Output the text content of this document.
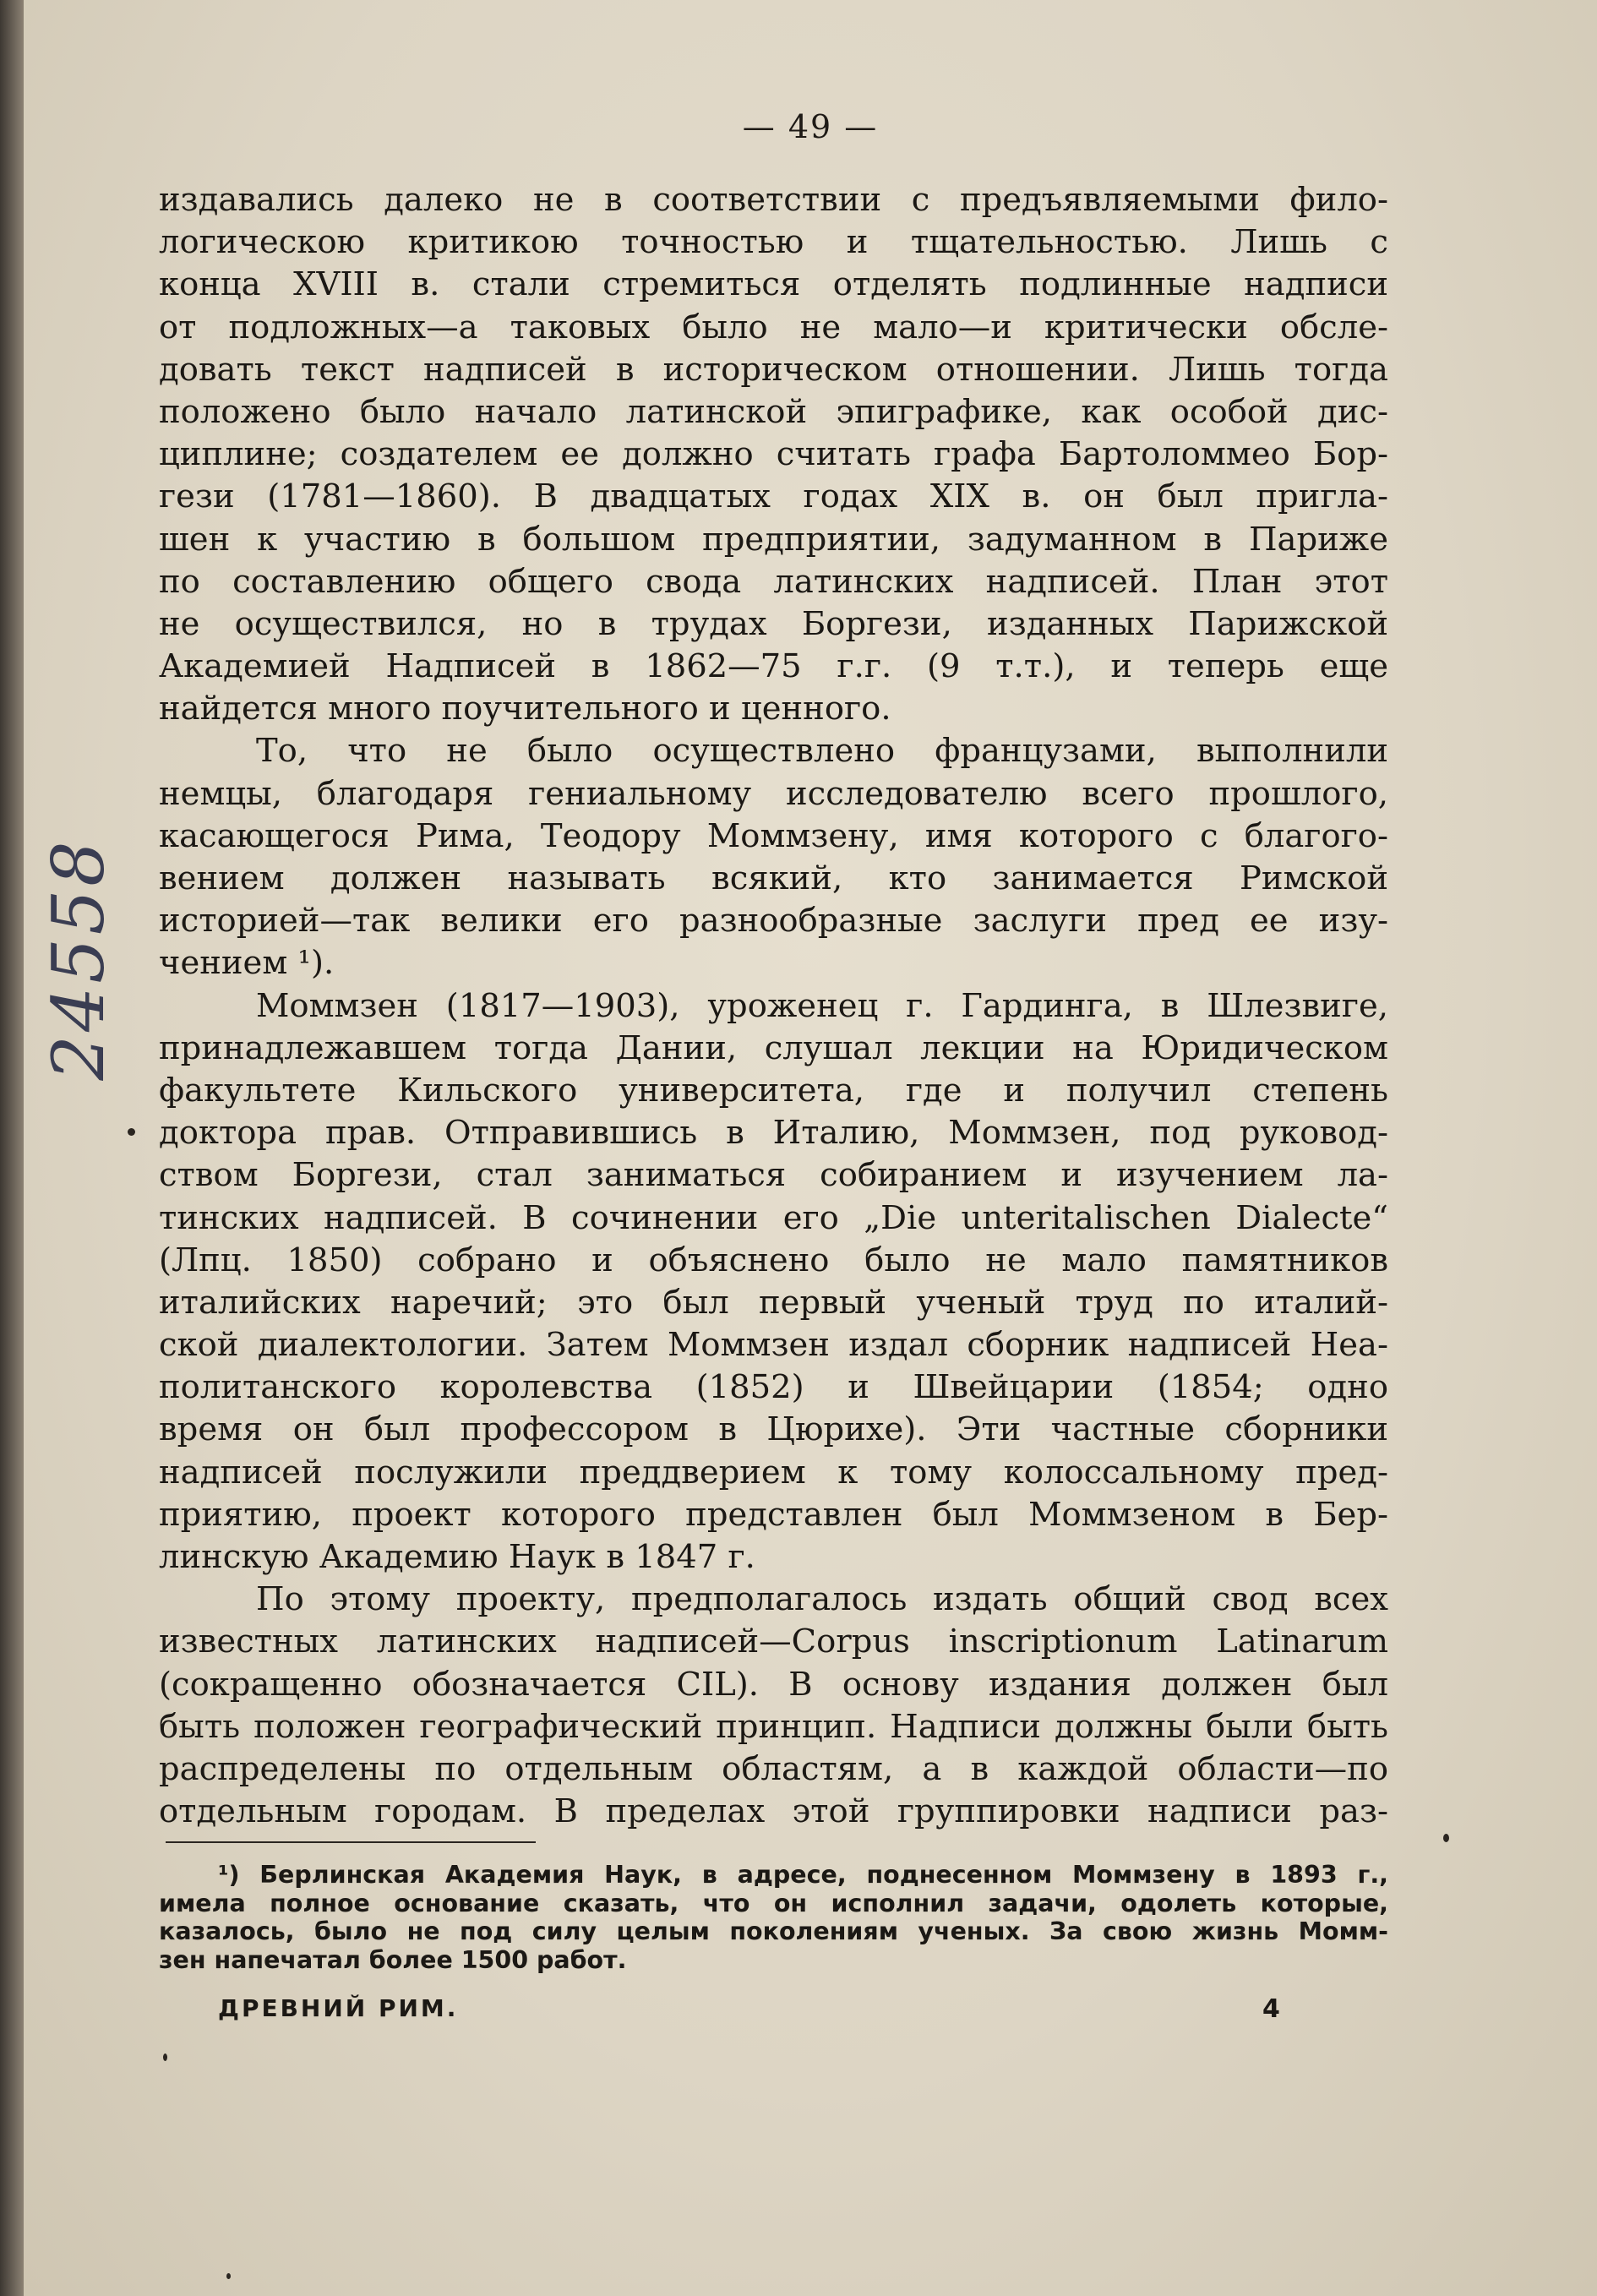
— 49 —
24558
издавались далеко не в соответствии с предъявляемыми фило-
логическою критикою точностью и тщательностью. Лишь с
конца XVIII в. стали стремиться отделять подлинные надписи
от подложных—а таковых было не мало—и критически обсле-
довать текст надписей в историческом отношении. Лишь тогда
положено было начало латинской эпиграфике, как особой дис-
циплине; создателем ее должно считать графа Бартоломмео Бор-
гези (1781—1860). В двадцатых годах XIX в. он был пригла-
шен к участию в большом предприятии, задуманном в Париже
по составлению общего свода латинских надписей. План этот
не осуществился, но в трудах Боргези, изданных Парижской
Академией Надписей в 1862—75 г.г. (9 т.т.), и теперь еще
найдется много поучительного и ценного.
То, что не было осуществлено французами, выполнили
немцы, благодаря гениальному исследователю всего прошлого,
касающегося Рима, Теодору Моммзену, имя которого с благого-
вением должен называть всякий, кто занимается Римской
историей—так велики его разнообразные заслуги пред ее изу-
чением ¹).
Моммзен (1817—1903), уроженец г. Гардинга, в Шлезвиге,
принадлежавшем тогда Дании, слушал лекции на Юридическом
факультете Кильского университета, где и получил степень
доктора прав. Отправившись в Италию, Моммзен, под руковод-
ством Боргези, стал заниматься собиранием и изучением ла-
тинских надписей. В сочинении его „Die unteritalischen Dialecte“
(Лпц. 1850) собрано и объяснено было не мало памятников
италийских наречий; это был первый ученый труд по италий-
ской диалектологии. Затем Моммзен издал сборник надписей Неа-
политанского королевства (1852) и Швейцарии (1854; одно
время он был профессором в Цюрихе). Эти частные сборники
надписей послужили преддверием к тому колоссальному пред-
приятию, проект которого представлен был Моммзеном в Бер-
линскую Академию Наук в 1847 г.
По этому проекту, предполагалось издать общий свод всех
известных латинских надписей—Corpus inscriptionum Latinarum
(сокращенно обозначается CIL). В основу издания должен был
быть положен географический принцип. Надписи должны были быть
распределены по отдельным областям, а в каждой области—по
отдельным городам. В пределах этой группировки надписи раз-
¹) Берлинская Академия Наук, в адресе, поднесенном Моммзену в 1893 г.,
имела полное основание сказать, что он исполнил задачи, одолеть которые,
казалось, было не под силу целым поколениям ученых. За свою жизнь Момм-
зен напечатал более 1500 работ.
ДРЕВНИЙ РИМ.	4
